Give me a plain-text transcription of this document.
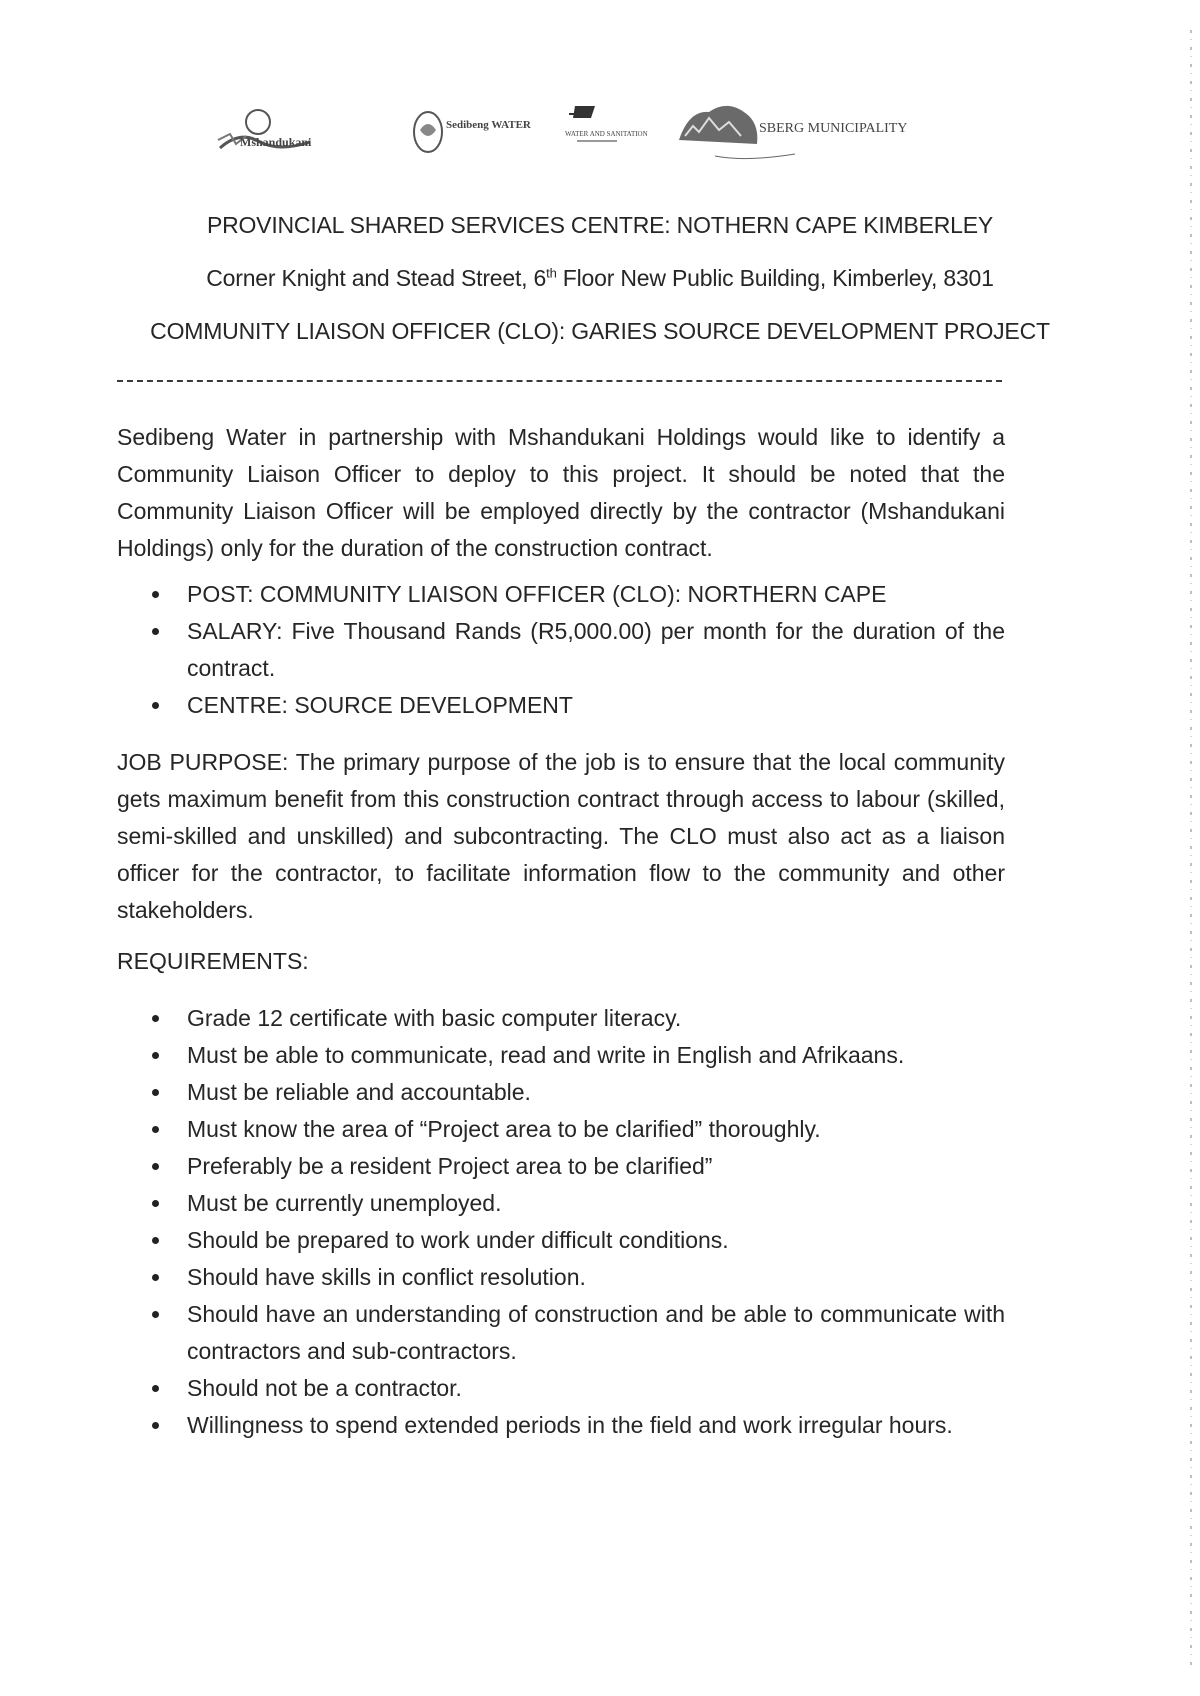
Mshandukani
Sedibeng WATER
WATER AND SANITATION	SBERG MUNICIPALITY
PROVINCIAL SHARED SERVICES CENTRE: NOTHERN CAPE KIMBERLEY
Corner Knight and Stead Street, 6th Floor New Public Building, Kimberley, 8301
COMMUNITY LIAISON OFFICER (CLO): GARIES SOURCE DEVELOPMENT PROJECT

Sedibeng Water in partnership with Mshandukani Holdings would like to identify a Community Liaison Officer to deploy to this project. It should be noted that the Community Liaison Officer will be employed directly by the contractor (Mshandukani Holdings) only for the duration of the construction contract.

POST: COMMUNITY LIAISON OFFICER (CLO): NORTHERN CAPE
SALARY: Five Thousand Rands (R5,000.00) per month for the duration of the contract.
CENTRE: SOURCE DEVELOPMENT

JOB PURPOSE: The primary purpose of the job is to ensure that the local community gets maximum benefit from this construction contract through access to labour (skilled, semi-skilled and unskilled) and subcontracting. The CLO must also act as a liaison officer for the contractor, to facilitate information flow to the community and other stakeholders.

REQUIREMENTS:

Grade 12 certificate with basic computer literacy.
Must be able to communicate, read and write in English and Afrikaans.
Must be reliable and accountable.
Must know the area of “Project area to be clarified” thoroughly.
Preferably be a resident Project area to be clarified”
Must be currently unemployed.
Should be prepared to work under difficult conditions.
Should have skills in conflict resolution.
Should have an understanding of construction and be able to communicate with contractors and sub-contractors.
Should not be a contractor.
Willingness to spend extended periods in the field and work irregular hours.
